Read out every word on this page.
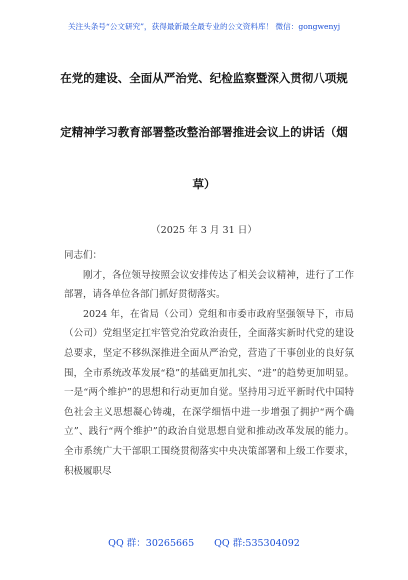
关注头条号“公文研究”，获得最新最全最专业的公文资料库！ 微信：gongwenyj
在党的建设、全面从严治党、纪检监察暨深入贯彻八项规
定精神学习教育部署整改整治部署推进会议上的讲话（烟
草）
（2025 年 3 月 31 日）

同志们：

刚才，各位领导按照会议安排传达了相关会议精神，进行了工作部署，请各单位各部门抓好贯彻落实。

2024 年，在省局（公司）党组和市委市政府坚强领导下，市局（公司）党组坚定扛牢管党治党政治责任，全面落实新时代党的建设总要求，坚定不移纵深推进全面从严治党，营造了干事创业的良好氛围，全市系统改革发展“稳”的基础更加扎实、“进”的趋势更加明显。一是“两个维护”的思想和行动更加自觉。坚持用习近平新时代中国特色社会主义思想凝心铸魂，在深学细悟中进一步增强了拥护“两个确立”、践行“两个维护”的政治自觉思想自觉和推动改革发展的能力。全市系统广大干部职工围绕贯彻落实中央决策部署和上级工作要求，积极履职尽

QQ 群：30265665 QQ 群:535304092
